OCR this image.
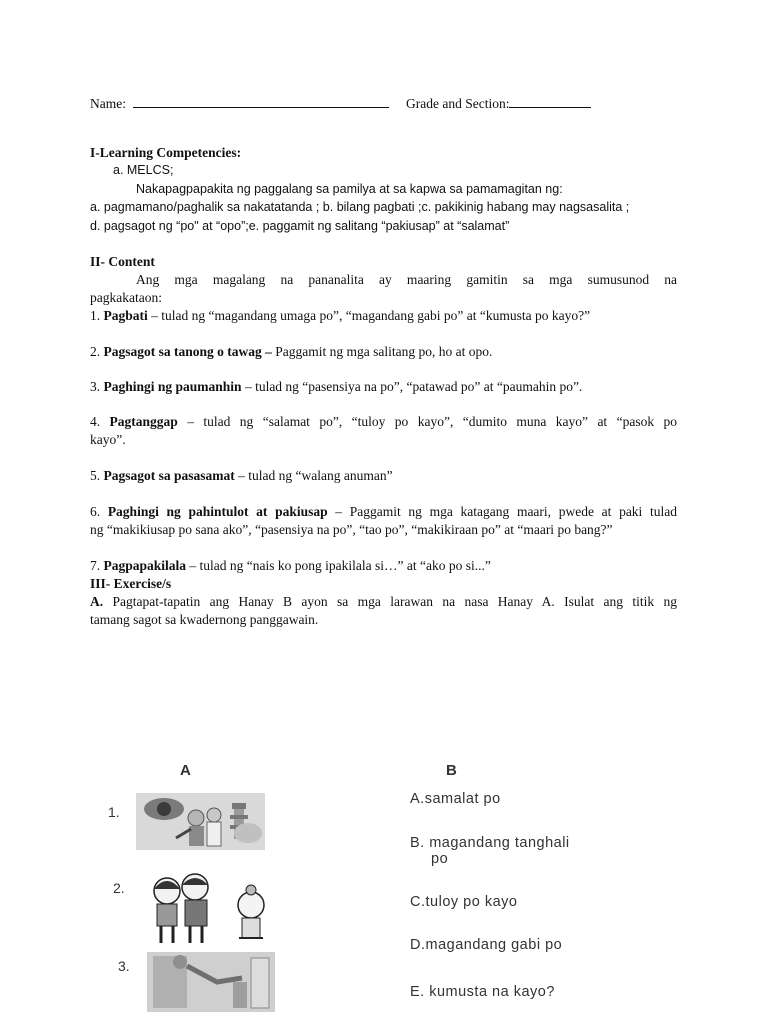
Name:	Grade and Section:
I-Learning Competencies:
a. MELCS;
Nakapagpapakita ng paggalang sa pamilya at sa kapwa sa pamamagitan ng:
a. pagmamano/paghalik sa nakatatanda ; b. bilang pagbati ;c. pakikinig habang may nagsasalita ;
d. pagsagot ng “po" at “opo”;e. paggamit ng salitang “pakiusap” at “salamat”
II- Content
Ang mga magalang na pananalita ay maaring gamitin sa mga sumusunod na
pagkakataon:
1. Pagbati – tulad ng “magandang umaga po”, “magandang gabi po” at “kumusta po kayo?”
2. Pagsagot sa tanong o tawag – Paggamit ng mga salitang po, ho at opo.
3. Paghingi ng paumanhin – tulad ng “pasensiya na po”, “patawad po” at “paumahin po”.
4. Pagtanggap – tulad ng “salamat po”, “tuloy po kayo”, “dumito muna kayo” at “pasok po
kayo”.
5. Pagsagot sa pasasamat – tulad ng “walang anuman”
6. Paghingi ng pahintulot at pakiusap – Paggamit ng mga katagang maari, pwede at paki tulad
ng “makikiusap po sana ako”, “pasensiya na po”, “tao po”, “makikiraan po” at “maari po bang?”
7. Pagpapakilala – tulad ng “nais ko pong ipakilala si…” at “ako po si...”
III- Exercise/s
A. Pagtapat-tapatin ang Hanay B ayon sa mga larawan na nasa Hanay A. Isulat ang titik ng
tamang sagot sa kwadernong panggawain.
A	B
1.
2.
3.
A.samalat po
B. magandang tanghali
po
C.tuloy po kayo
D.magandang gabi po
E. kumusta na kayo?
